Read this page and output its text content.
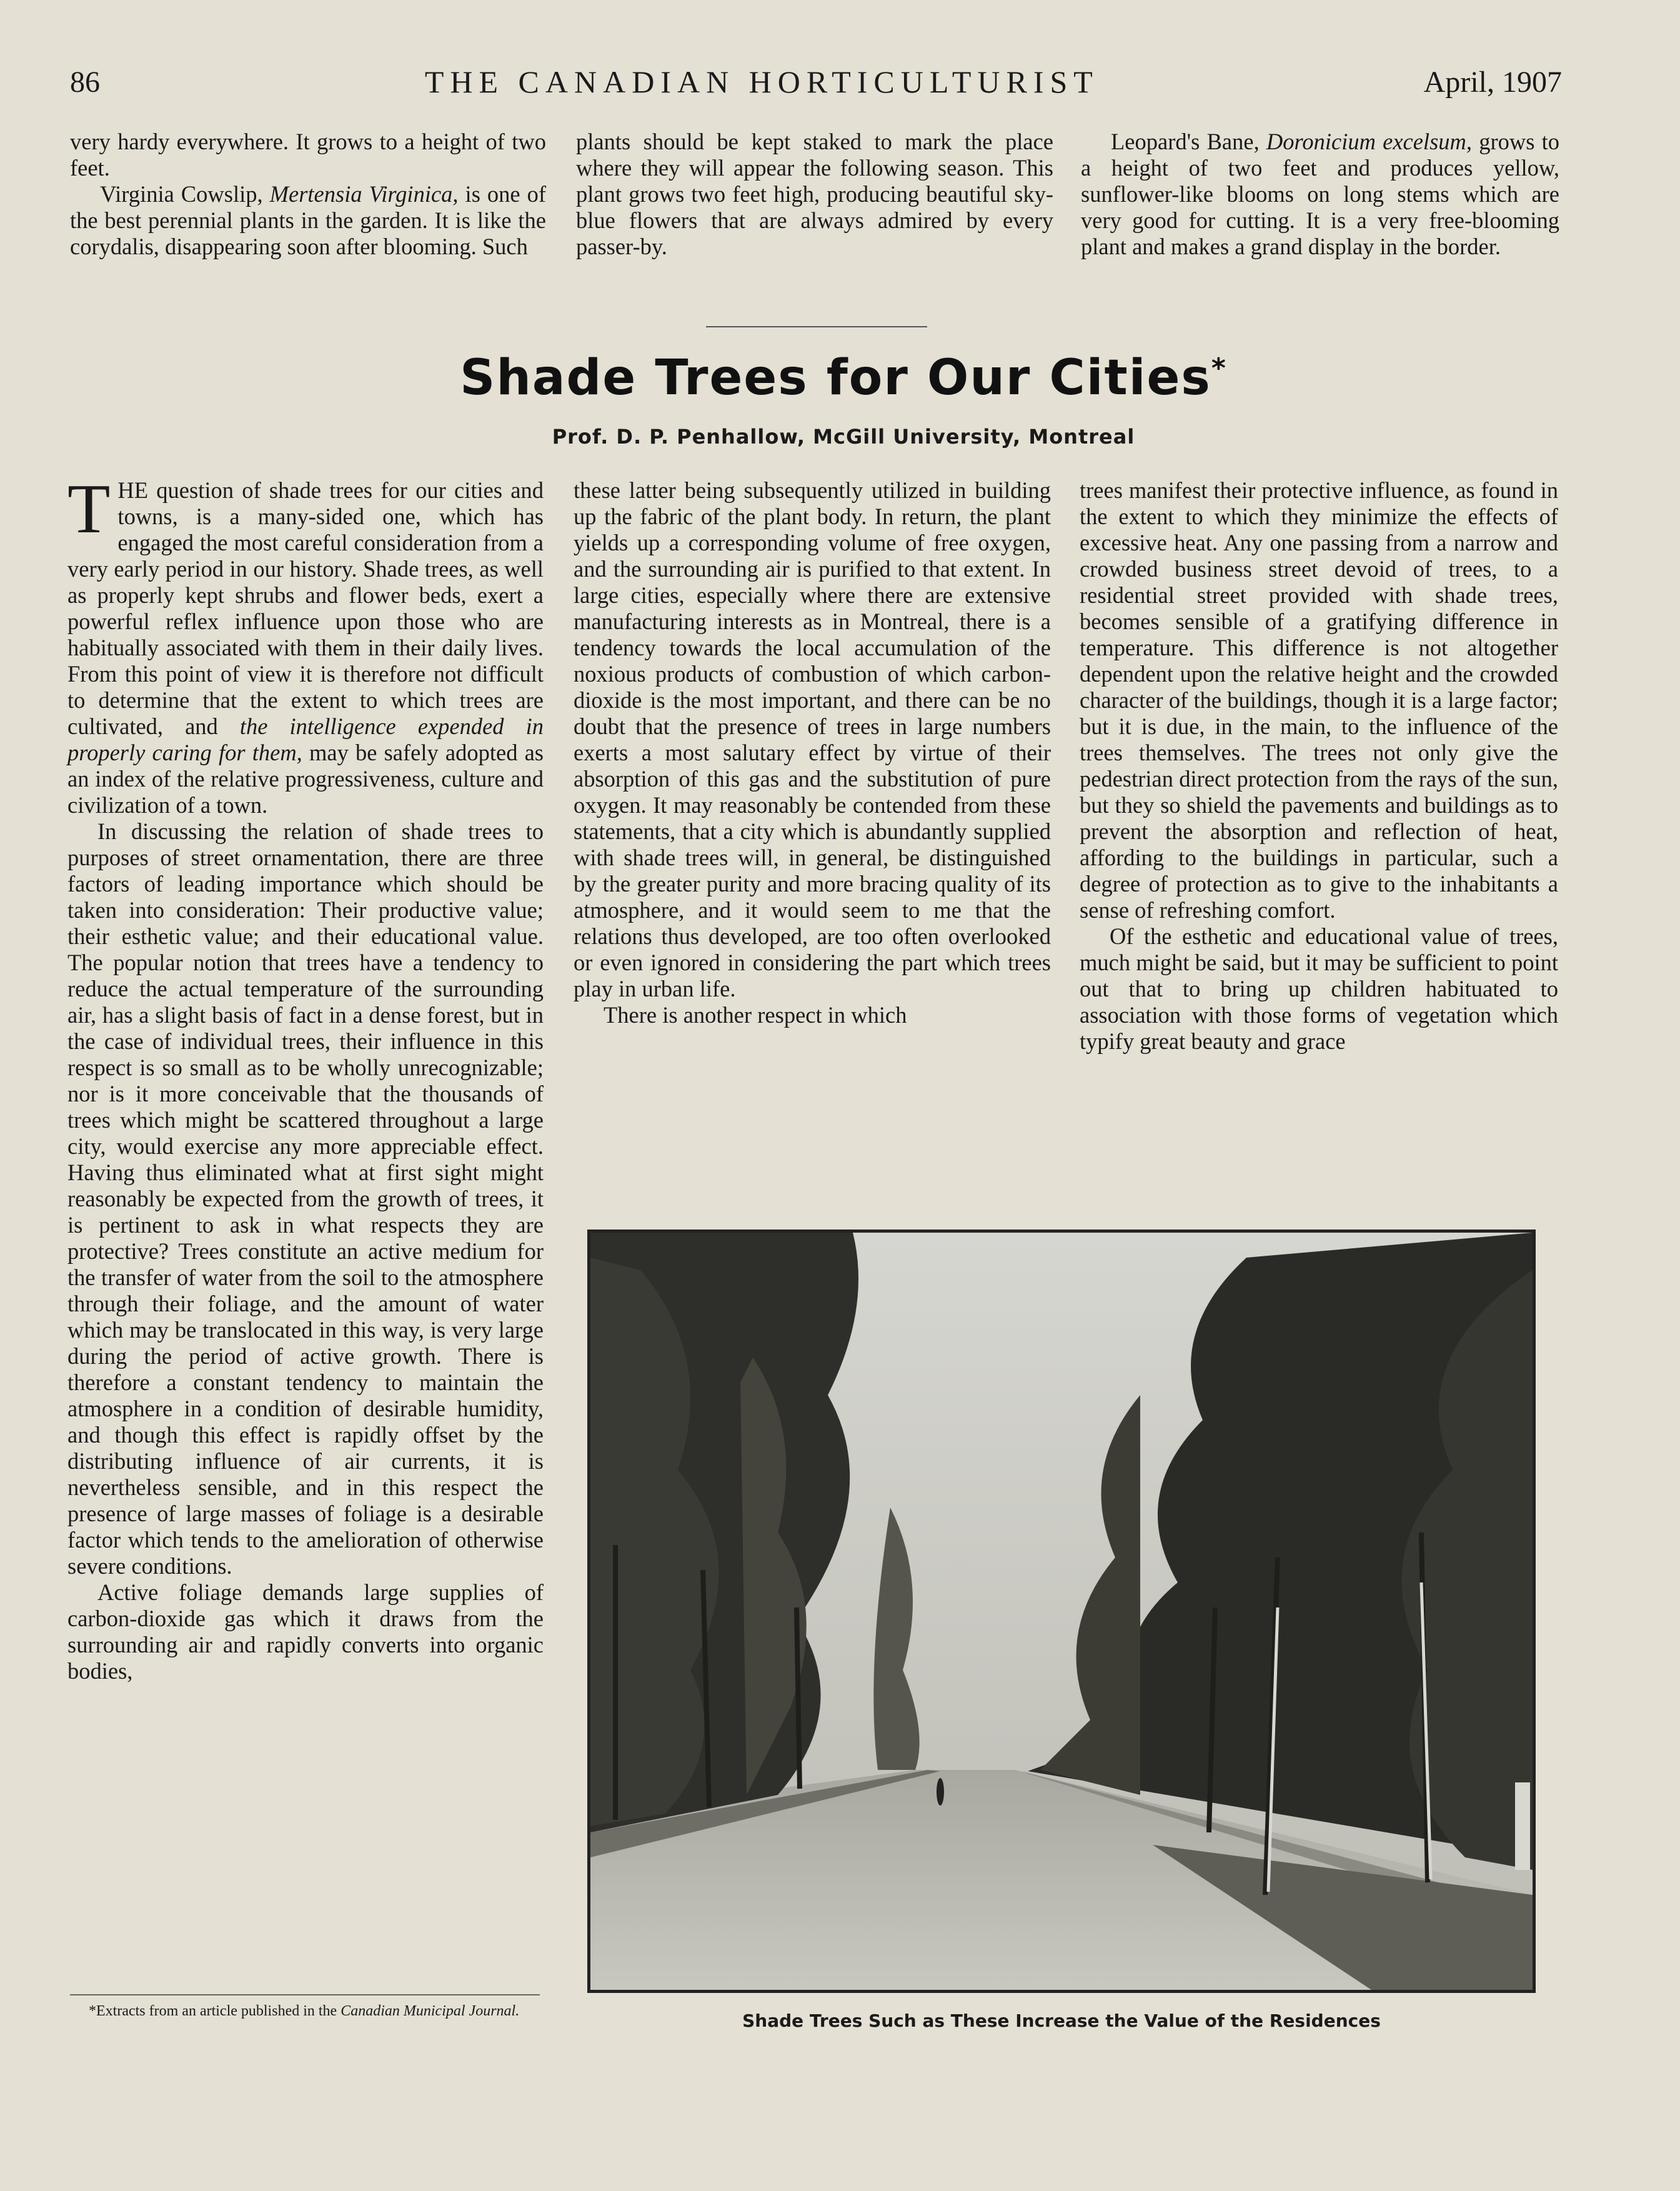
86	THE CANADIAN HORTICULTURIST	April, 1907

very hardy everywhere. It grows to a height of two feet.

Virginia Cowslip, Mertensia Virginica, is one of the best perennial plants in the garden. It is like the corydalis, disappearing soon after blooming. Such

plants should be kept staked to mark the place where they will appear the following season. This plant grows two feet high, producing beautiful sky-blue flowers that are always admired by every passer-by.

Leopard's Bane, Doronicium excelsum, grows to a height of two feet and produces yellow, sunflower-like blooms on long stems which are very good for cutting. It is a very free-blooming plant and makes a grand display in the border.

Shade Trees for Our Cities*
Prof. D. P. Penhallow, McGill University, Montreal

THE question of shade trees for our cities and towns, is a many-sided one, which has engaged the most careful consideration from a very early period in our history. Shade trees, as well as properly kept shrubs and flower beds, exert a powerful reflex influence upon those who are habitually associated with them in their daily lives. From this point of view it is therefore not difficult to determine that the extent to which trees are cultivated, and the intelligence expended in properly caring for them, may be safely adopted as an index of the relative progressiveness, culture and civilization of a town.

In discussing the relation of shade trees to purposes of street ornamentation, there are three factors of leading importance which should be taken into consideration: Their productive value; their esthetic value; and their educational value. The popular notion that trees have a tendency to reduce the actual temperature of the surrounding air, has a slight basis of fact in a dense forest, but in the case of individual trees, their influence in this respect is so small as to be wholly unrecognizable; nor is it more conceivable that the thousands of trees which might be scattered throughout a large city, would exercise any more appreciable effect. Having thus eliminated what at first sight might reasonably be expected from the growth of trees, it is pertinent to ask in what respects they are protective? Trees constitute an active medium for the transfer of water from the soil to the atmosphere through their foliage, and the amount of water which may be translocated in this way, is very large during the period of active growth. There is therefore a constant tendency to maintain the atmosphere in a condition of desirable humidity, and though this effect is rapidly offset by the distributing influence of air currents, it is nevertheless sensible, and in this respect the presence of large masses of foliage is a desirable factor which tends to the amelioration of otherwise severe conditions.

Active foliage demands large supplies of carbon-dioxide gas which it draws from the surrounding air and rapidly converts into organic bodies,

these latter being subsequently utilized in building up the fabric of the plant body. In return, the plant yields up a corresponding volume of free oxygen, and the surrounding air is purified to that extent. In large cities, especially where there are extensive manufacturing interests as in Montreal, there is a tendency towards the local accumulation of the noxious products of combustion of which carbon-dioxide is the most important, and there can be no doubt that the presence of trees in large numbers exerts a most salutary effect by virtue of their absorption of this gas and the substitution of pure oxygen. It may reasonably be contended from these statements, that a city which is abundantly supplied with shade trees will, in general, be distinguished by the greater purity and more bracing quality of its atmosphere, and it would seem to me that the relations thus developed, are too often overlooked or even ignored in considering the part which trees play in urban life.

There is another respect in which

trees manifest their protective influence, as found in the extent to which they minimize the effects of excessive heat. Any one passing from a narrow and crowded business street devoid of trees, to a residential street provided with shade trees, becomes sensible of a gratifying difference in temperature. This difference is not altogether dependent upon the relative height and the crowded character of the buildings, though it is a large factor; but it is due, in the main, to the influence of the trees themselves. The trees not only give the pedestrian direct protection from the rays of the sun, but they so shield the pavements and buildings as to prevent the absorption and reflection of heat, affording to the buildings in particular, such a degree of protection as to give to the inhabitants a sense of refreshing comfort.

Of the esthetic and educational value of trees, much might be said, but it may be sufficient to point out that to bring up children habituated to association with those forms of vegetation which typify great beauty and grace

Shade Trees Such as These Increase the Value of the Residences
*Extracts from an article published in the Canadian Municipal Journal.
